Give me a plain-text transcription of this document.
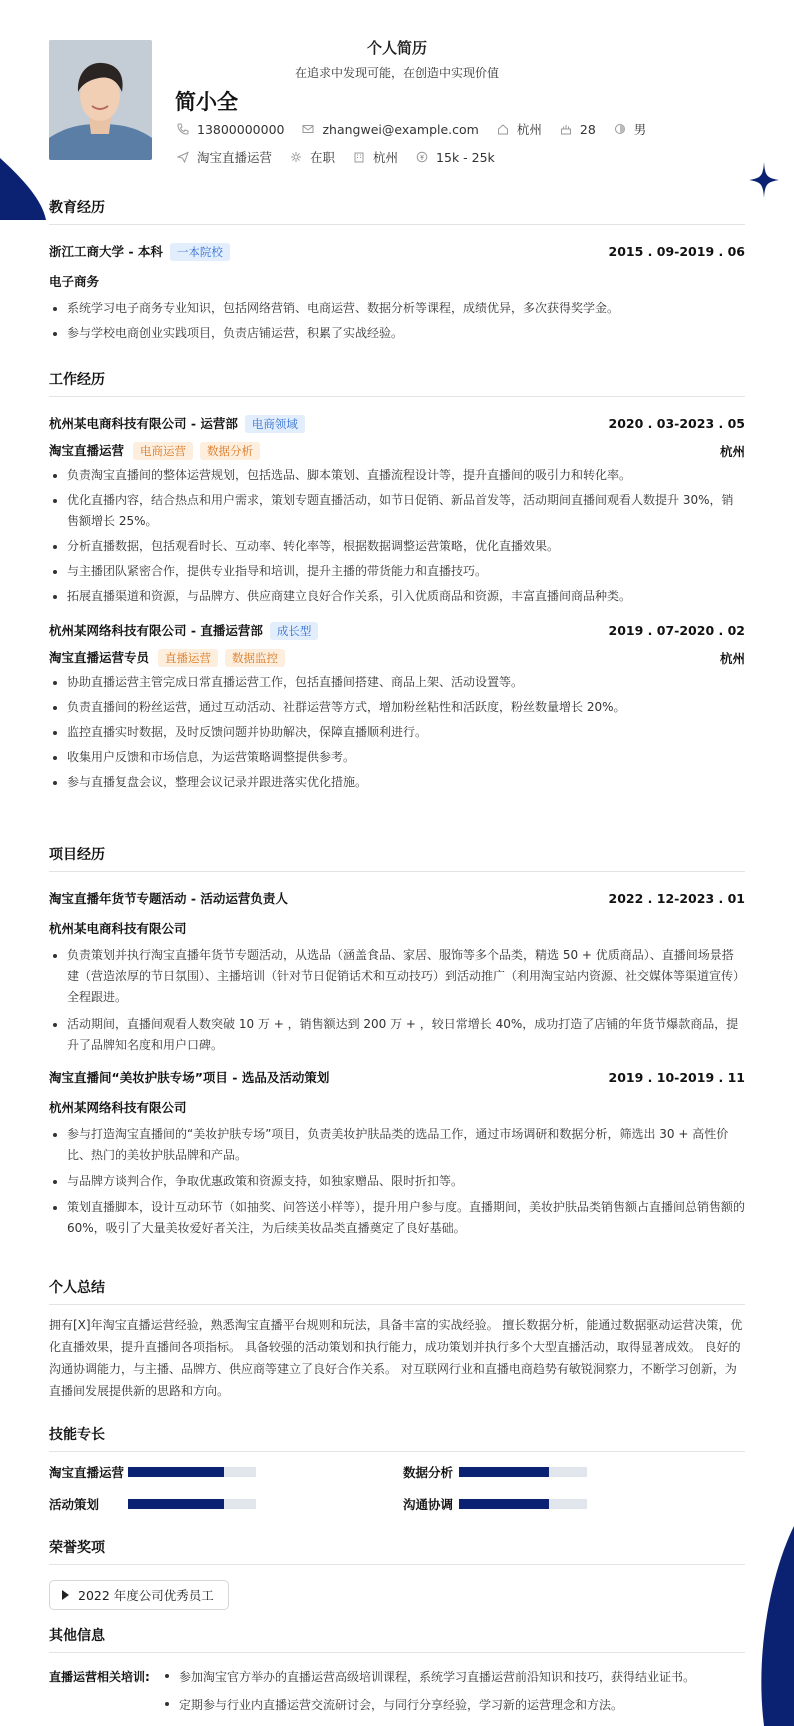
个人简历
在追求中发现可能，在创造中实现价值
简小全
13800000000	zhangwei@example.com	杭州	28	男
淘宝直播运营	在职	杭州	15k - 25k
教育经历
浙江工商大学 - 本科 一本院校	2015 . 09-2019 . 06
电子商务
系统学习电子商务专业知识，包括网络营销、电商运营、数据分析等课程，成绩优异，多次获得奖学金。
参与学校电商创业实践项目，负责店铺运营，积累了实战经验。
工作经历
杭州某电商科技有限公司 - 运营部 电商领域	2020 . 03-2023 . 05
淘宝直播运营 电商运营 数据分析	杭州
负责淘宝直播间的整体运营规划，包括选品、脚本策划、直播流程设计等，提升直播间的吸引力和转化率。
优化直播内容，结合热点和用户需求，策划专题直播活动，如节日促销、新品首发等，活动期间直播间观看人数提升 30%，销售额增长 25%。
分析直播数据，包括观看时长、互动率、转化率等，根据数据调整运营策略，优化直播效果。
与主播团队紧密合作，提供专业指导和培训，提升主播的带货能力和直播技巧。
拓展直播渠道和资源，与品牌方、供应商建立良好合作关系，引入优质商品和资源，丰富直播间商品种类。
杭州某网络科技有限公司 - 直播运营部 成长型	2019 . 07-2020 . 02
淘宝直播运营专员 直播运营 数据监控	杭州
协助直播运营主管完成日常直播运营工作，包括直播间搭建、商品上架、活动设置等。
负责直播间的粉丝运营，通过互动活动、社群运营等方式，增加粉丝粘性和活跃度，粉丝数量增长 20%。
监控直播实时数据，及时反馈问题并协助解决，保障直播顺利进行。
收集用户反馈和市场信息，为运营策略调整提供参考。
参与直播复盘会议，整理会议记录并跟进落实优化措施。
项目经历
淘宝直播年货节专题活动 - 活动运营负责人	2022 . 12-2023 . 01
杭州某电商科技有限公司
负责策划并执行淘宝直播年货节专题活动，从选品（涵盖食品、家居、服饰等多个品类，精选 50 + 优质商品）、直播间场景搭建（营造浓厚的节日氛围）、主播培训（针对节日促销话术和互动技巧）到活动推广（利用淘宝站内资源、社交媒体等渠道宣传）全程跟进。
活动期间，直播间观看人数突破 10 万 + ，销售额达到 200 万 + ，较日常增长 40%，成功打造了店铺的年货节爆款商品，提升了品牌知名度和用户口碑。
淘宝直播间“美妆护肤专场”项目 - 选品及活动策划	2019 . 10-2019 . 11
杭州某网络科技有限公司
参与打造淘宝直播间的“美妆护肤专场”项目，负责美妆护肤品类的选品工作，通过市场调研和数据分析，筛选出 30 + 高性价比、热门的美妆护肤品牌和产品。
与品牌方谈判合作，争取优惠政策和资源支持，如独家赠品、限时折扣等。
策划直播脚本，设计互动环节（如抽奖、问答送小样等），提升用户参与度。直播期间，美妆护肤品类销售额占直播间总销售额的 60%，吸引了大量美妆爱好者关注，为后续美妆品类直播奠定了良好基础。
个人总结
拥有[X]年淘宝直播运营经验，熟悉淘宝直播平台规则和玩法，具备丰富的实战经验。 擅长数据分析，能通过数据驱动运营决策，优化直播效果，提升直播间各项指标。 具备较强的活动策划和执行能力，成功策划并执行多个大型直播活动，取得显著成效。 良好的沟通协调能力，与主播、品牌方、供应商等建立了良好合作关系。 对互联网行业和直播电商趋势有敏锐洞察力，不断学习创新，为直播间发展提供新的思路和方向。
技能专长
淘宝直播运营	数据分析
活动策划	沟通协调
荣誉奖项
2022 年度公司优秀员工
其他信息
直播运营相关培训:	参加淘宝官方举办的直播运营高级培训课程，系统学习直播运营前沿知识和技巧，获得结业证书。
定期参与行业内直播运营交流研讨会，与同行分享经验，学习新的运营理念和方法。
